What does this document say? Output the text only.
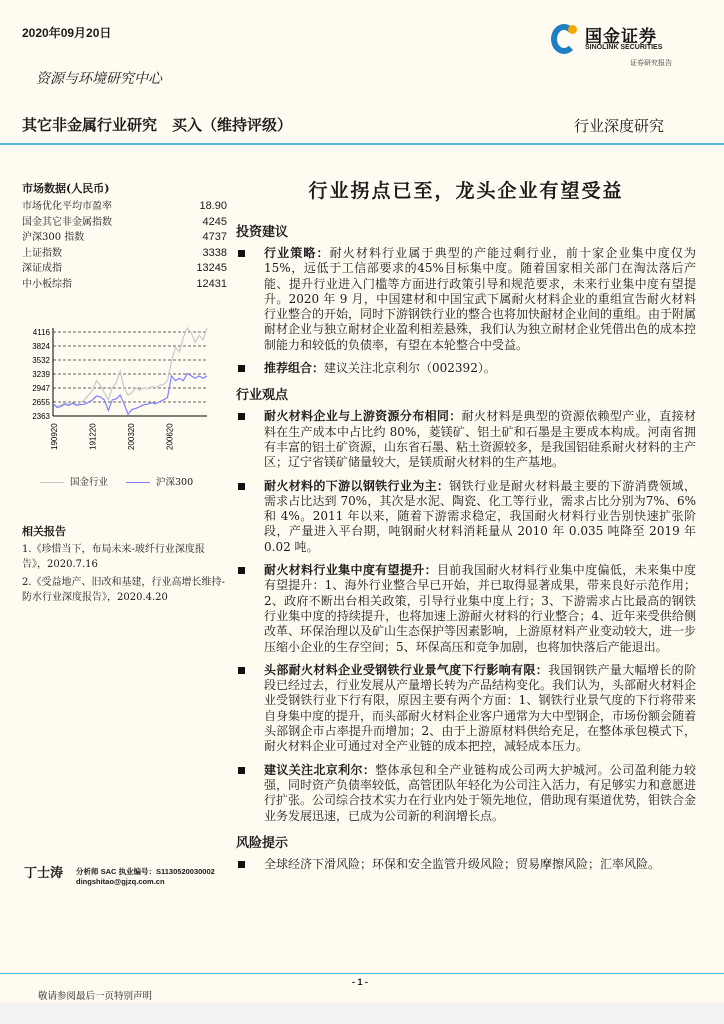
2020年09月20日	国金证券
SINOLINK SECURITIES
证券研究报告
资源与环境研究中心
其它非金属行业研究　买入（维持评级）	行业深度研究
市场数据(人民币)
市场优化平均市盈率	18.90
国金其它非金属指数	4245
沪深300 指数	4737
上证指数	3338
深证成指	13245
中小板综指	12431
4116
3824
3532
3239
2947
2655
2363
190920	191220	200320	200620
国金行业	沪深300
相关报告
1.《珍惜当下，布局未来-玻纤行业深度报告》，2020.7.16
2.《受益地产、旧改和基建，行业高增长维持-防水行业深度报告》，2020.4.20
丁士涛 分析师 SAC 执业编号：S1130520030002
dingshitao@gjzq.com.cn
行业拐点已至，龙头企业有望受益
投资建议
行业策略：耐火材料行业属于典型的产能过剩行业，前十家企业集中度仅为15%，远低于工信部要求的45%目标集中度。随着国家相关部门在淘汰落后产能、提升行业进入门槛等方面进行政策引导和规范要求，未来行业集中度有望提升。2020 年 9 月，中国建材和中国宝武下属耐火材料企业的重组宣告耐火材料行业整合的开始，同时下游钢铁行业的整合也将加快耐材企业间的重组。由于附属耐材企业与独立耐材企业盈利相差悬殊，我们认为独立耐材企业凭借出色的成本控制能力和较低的负债率，有望在本轮整合中受益。
推荐组合：建议关注北京利尔（002392）。
行业观点
耐火材料企业与上游资源分布相同：耐火材料是典型的资源依赖型产业，直接材料在生产成本中占比约 80%，菱镁矿、铝土矿和石墨是主要成本构成。河南省拥有丰富的铝土矿资源，山东省石墨、粘土资源较多，是我国铝硅系耐火材料的主产区；辽宁省镁矿储量较大，是镁质耐火材料的生产基地。
耐火材料的下游以钢铁行业为主：钢铁行业是耐火材料最主要的下游消费领域，需求占比达到 70%，其次是水泥、陶瓷、化工等行业，需求占比分别为7%、6%和 4%。2011 年以来，随着下游需求稳定，我国耐火材料行业告别快速扩张阶段，产量进入平台期，吨钢耐火材料消耗量从 2010 年 0.035 吨降至 2019 年 0.02 吨。
耐火材料行业集中度有望提升：目前我国耐火材料行业集中度偏低，未来集中度有望提升：1、海外行业整合早已开始，并已取得显著成果，带来良好示范作用；2、政府不断出台相关政策，引导行业集中度上行；3、下游需求占比最高的钢铁行业集中度的持续提升，也将加速上游耐火材料的行业整合；4、近年来受供给侧改革、环保治理以及矿山生态保护等因素影响，上游原材料产业变动较大，进一步压缩小企业的生存空间；5、环保高压和竞争加剧，也将加快落后产能退出。
头部耐火材料企业受钢铁行业景气度下行影响有限：我国钢铁产量大幅增长的阶段已经过去，行业发展从产量增长转为产品结构变化。我们认为，头部耐火材料企业受钢铁行业下行有限，原因主要有两个方面：1、钢铁行业景气度的下行将带来自身集中度的提升，而头部耐火材料企业客户通常为大中型钢企，市场份额会随着头部钢企市占率提升而增加；2、由于上游原材料供给充足，在整体承包模式下，耐火材料企业可通过对全产业链的成本把控，减轻成本压力。
建议关注北京利尔：整体承包和全产业链构成公司两大护城河。公司盈利能力较强，同时资产负债率较低，高管团队年轻化为公司注入活力，有足够实力和意愿进行扩张。公司综合技术实力在行业内处于领先地位，借助现有渠道优势，钼铁合金业务发展迅速，已成为公司新的利润增长点。
风险提示
全球经济下滑风险；环保和安全监管升级风险；贸易摩擦风险；汇率风险。
- 1 -
敬请参阅最后一页特别声明
